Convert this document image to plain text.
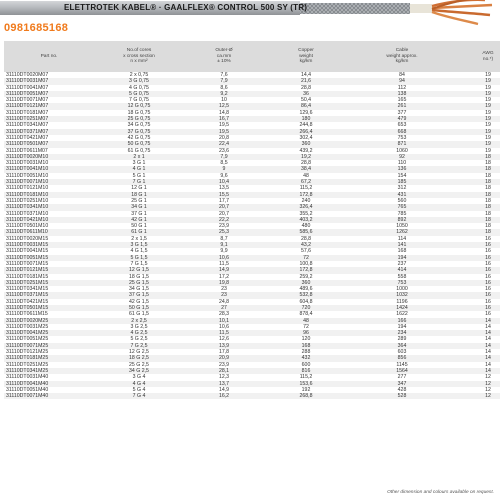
ELETTROTEK KABEL® · GAALFLEX® CONTROL 500 SY (TR)
0981685168
Part no.	No.of cores
x cross section
n x mm²	Outer-Ø
ca.mm
± 10%	Copper
weight
kg/km	Cable
weight approx.
kg/km	AWG
no.*)

31110DT0020M07	2 x 0,75	7,6	14,4	84	19
31110DT0031M07	3 G 0,75	7,9	21,6	94	19
31110DT0041M07	4 G 0,75	8,6	28,8	112	19
31110DT0051M07	5 G 0,75	9,2	36	138	19
31110DT0071M07	7 G 0,75	10	50,4	165	19
31110DT0121M07	12 G 0,75	12,5	86,4	261	19
31110DT0181M07	18 G 0,75	14,8	129,6	377	19
31110DT0251M07	25 G 0,75	16,7	180	479	19
31110DT0341M07	34 G 0,75	19,5	244,8	653	19
31110DT0371M07	37 G 0,75	19,5	266,4	668	19
31110DT0421M07	42 G 0,75	20,8	302,4	753	19
31110DT0501M07	50 G 0,75	22,4	360	871	19
31110DT0611M07	61 G 0,75	23,6	439,2	1060	19
31110DT0020M10	2 x 1	7,9	19,2	92	18
31110DT0031M10	3 G 1	8,5	28,8	110	18
31110DT0041M10	4 G 1	9	38,4	136	18
31110DT0051M10	5 G 1	9,6	48	154	18
31110DT0071M10	7 G 1	10,4	67,2	185	18
31110DT0121M10	12 G 1	13,5	115,2	312	18
31110DT0181M10	18 G 1	15,5	172,8	431	18
31110DT0251M10	25 G 1	17,7	240	560	18
31110DT0341M10	34 G 1	20,7	326,4	765	18
31110DT0371M10	37 G 1	20,7	355,2	785	18
31110DT0421M10	42 G 1	22,2	403,2	892	18
31110DT0501M10	50 G 1	23,9	480	1050	18
31110DT0611M10	61 G 1	25,3	585,6	1262	18
31110DT0020M15	2 x 1,5	8,7	28,8	114	16
31110DT0031M15	3 G 1,5	9,1	43,2	141	16
31110DT0041M15	4 G 1,5	9,9	57,6	168	16
31110DT0051M15	5 G 1,5	10,6	72	194	16
31110DT0071M15	7 G 1,5	11,5	100,8	237	16
31110DT0121M15	12 G 1,5	14,9	172,8	414	16
31110DT0181M15	18 G 1,5	17,2	259,2	558	16
31110DT0251M15	25 G 1,5	19,8	360	753	16
31110DT0341M15	34 G 1,5	23	489,6	1000	16
31110DT0371M15	37 G 1,5	23	532,8	1032	16
31110DT0421M15	42 G 1,5	24,8	604,8	1196	16
31110DT0501M15	50 G 1,5	27	720	1424	16
31110DT0611M15	61 G 1,5	28,3	878,4	1622	16
31110DT0020M25	2 x 2,5	10,1	48	166	14
31110DT0031M25	3 G 2,5	10,6	72	194	14
31110DT0041M25	4 G 2,5	11,5	96	234	14
31110DT0051M25	5 G 2,5	12,6	120	289	14
31110DT0071M25	7 G 2,5	13,9	168	364	14
31110DT0121M25	12 G 2,5	17,8	288	603	14
31110DT0181M25	18 G 2,5	20,9	432	856	14
31110DT0251M25	25 G 2,5	23,9	600	1145	14
31110DT0341M25	34 G 2,5	28,1	816	1564	14
31110DT0031M40	3 G 4	12,3	115,2	277	12
31110DT0041M40	4 G 4	13,7	153,6	347	12
31110DT0051M40	5 G 4	14,9	192	428	12
31110DT0071M40	7 G 4	16,2	268,8	528	12
Other dimension and colours available on request.
